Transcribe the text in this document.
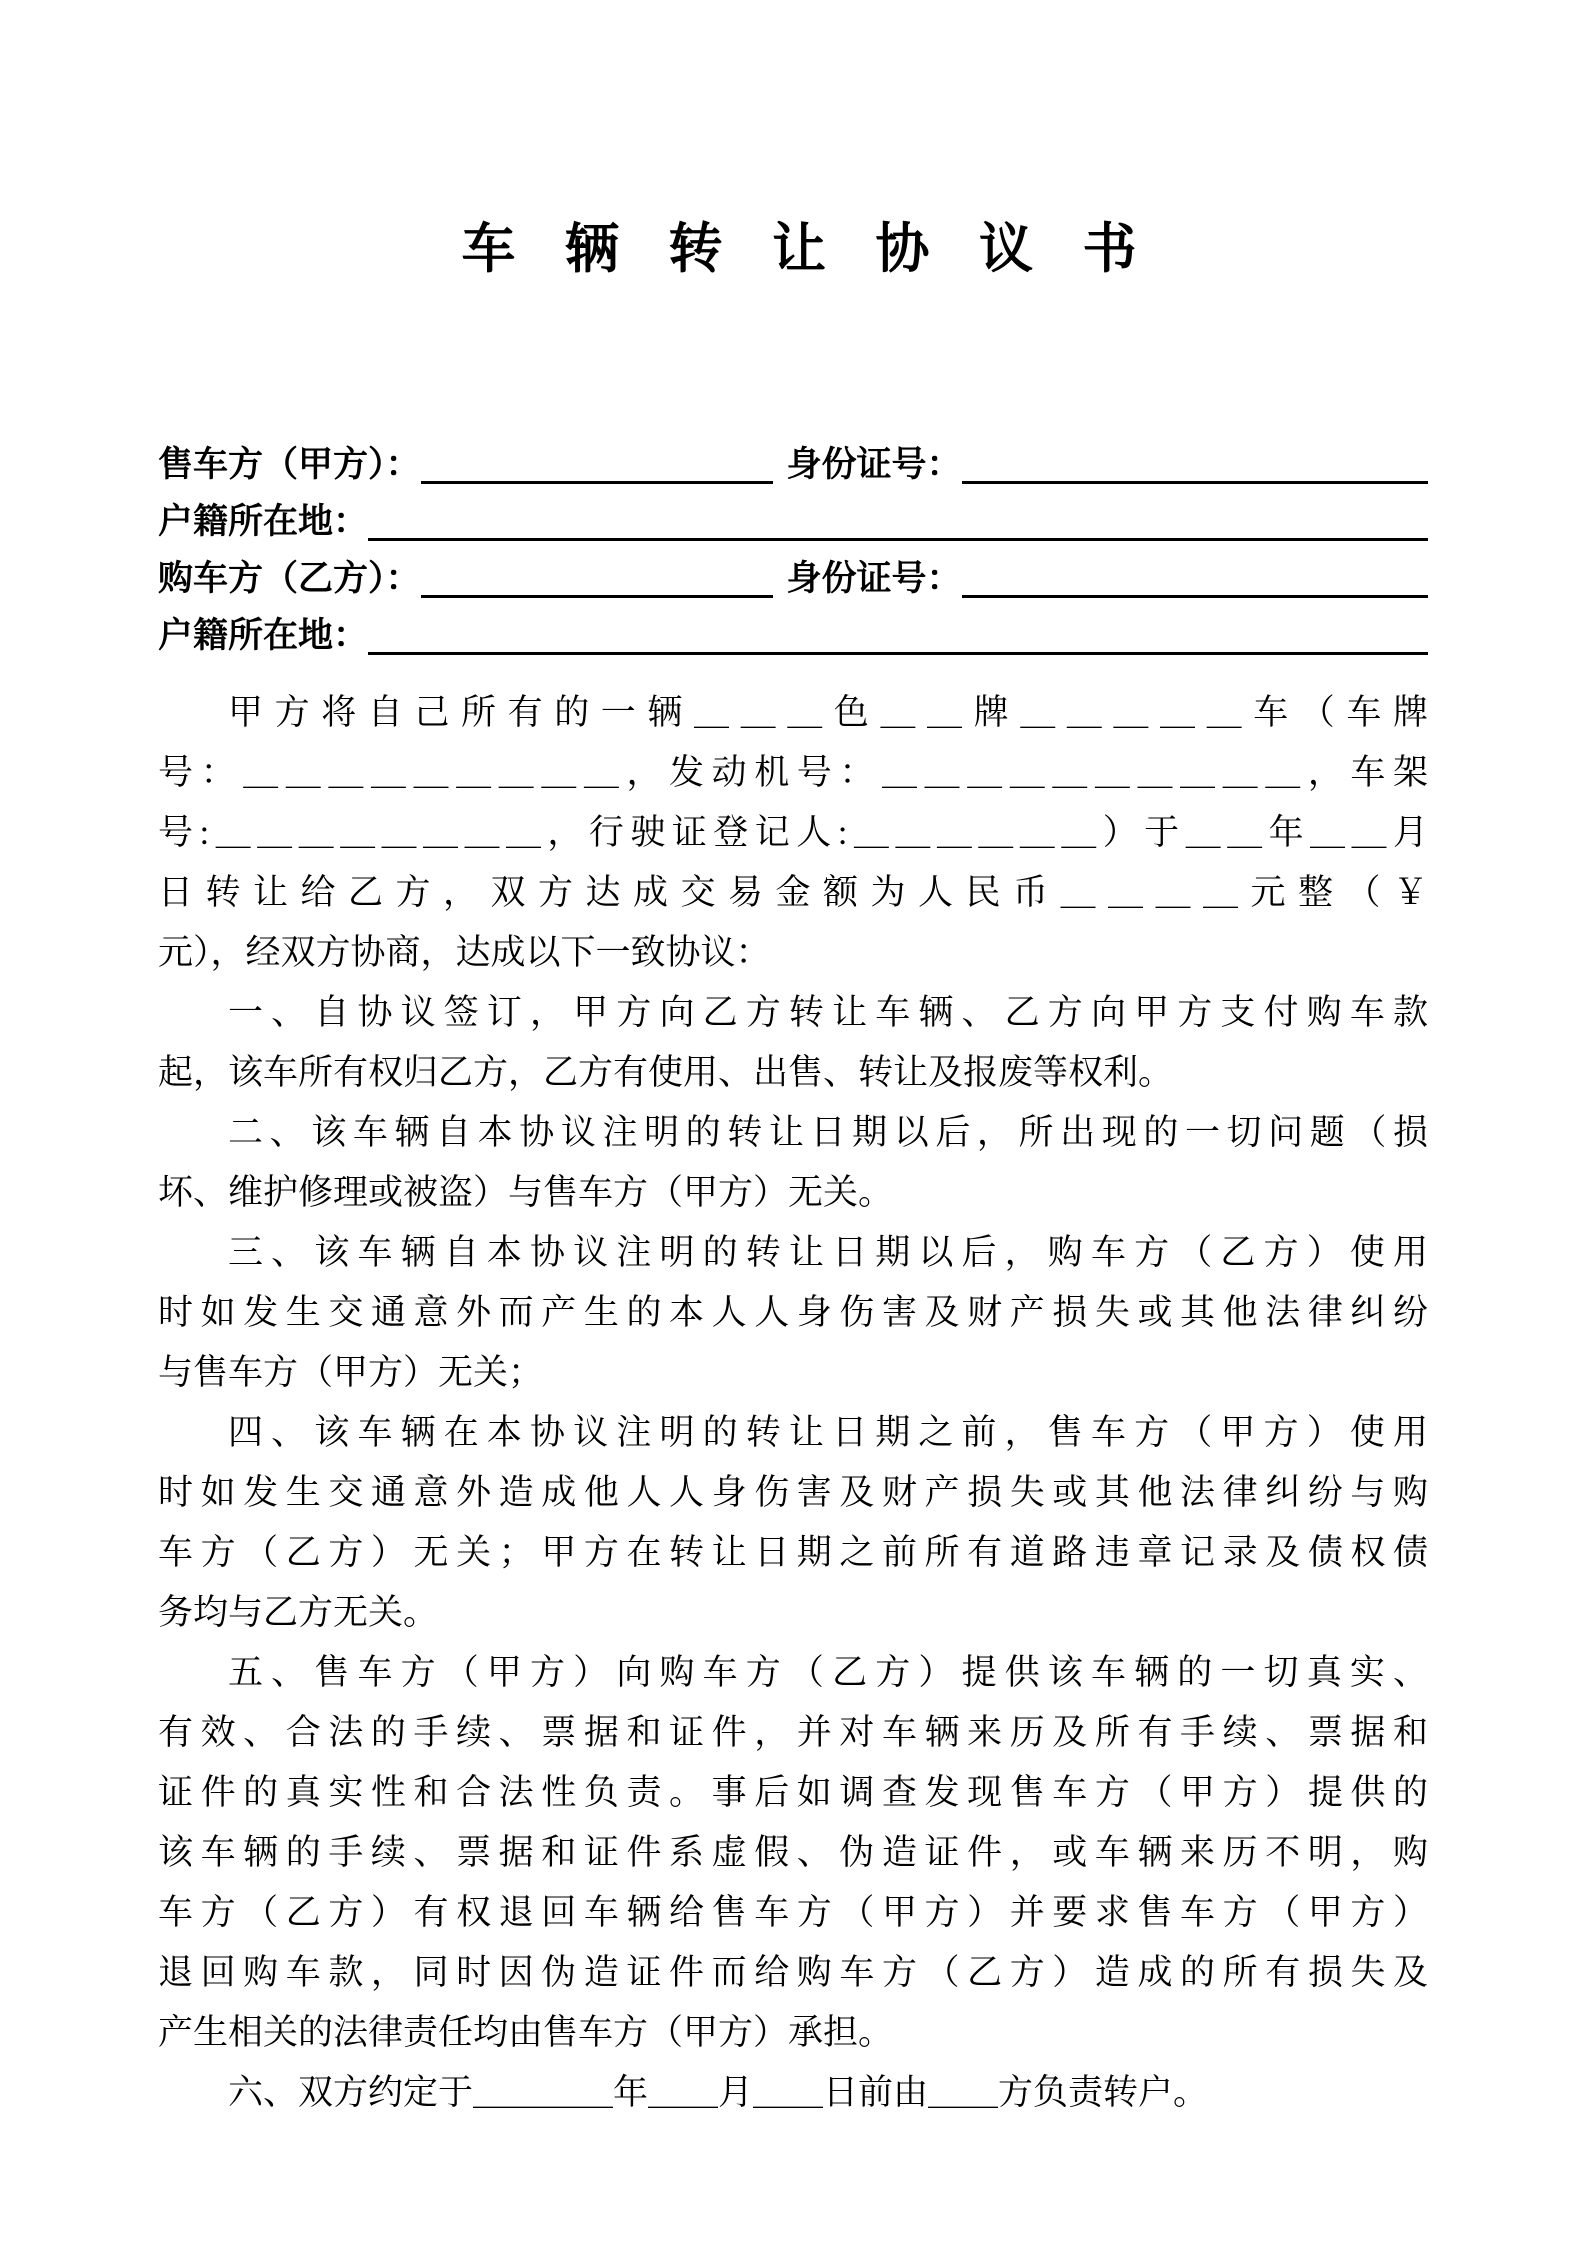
车 辆 转 让 协 议 书
售车方（甲方）：	身份证号：
户籍所在地：
购车方（乙方）：	身份证号：
户籍所在地：
甲方将自己所有的一辆＿＿＿色＿＿牌＿＿＿＿＿车（车牌
号：＿＿＿＿＿＿＿＿＿，发动机号：＿＿＿＿＿＿＿＿＿＿，车架
号:＿＿＿＿＿＿＿＿，行驶证登记人:＿＿＿＿＿＿）于＿＿年＿＿月
日转让给乙方，双方达成交易金额为人民币＿＿＿＿元整（￥
元），经双方协商，达成以下一致协议：
一、自协议签订，甲方向乙方转让车辆、乙方向甲方支付购车款
起，该车所有权归乙方，乙方有使用、出售、转让及报废等权利。
二、该车辆自本协议注明的转让日期以后，所出现的一切问题（损
坏、维护修理或被盗）与售车方（甲方）无关。
三、该车辆自本协议注明的转让日期以后，购车方（乙方）使用
时如发生交通意外而产生的本人人身伤害及财产损失或其他法律纠纷
与售车方（甲方）无关；
四、该车辆在本协议注明的转让日期之前，售车方（甲方）使用
时如发生交通意外造成他人人身伤害及财产损失或其他法律纠纷与购
车方（乙方）无关；甲方在转让日期之前所有道路违章记录及债权债
务均与乙方无关。
五、售车方（甲方）向购车方（乙方）提供该车辆的一切真实、
有效、合法的手续、票据和证件，并对车辆来历及所有手续、票据和
证件的真实性和合法性负责。事后如调查发现售车方（甲方）提供的
该车辆的手续、票据和证件系虚假、伪造证件，或车辆来历不明，购
车方（乙方）有权退回车辆给售车方（甲方）并要求售车方（甲方）
退回购车款，同时因伪造证件而给购车方（乙方）造成的所有损失及
产生相关的法律责任均由售车方（甲方）承担。
六、双方约定于＿＿＿＿年＿＿月＿＿日前由＿＿方负责转户。
